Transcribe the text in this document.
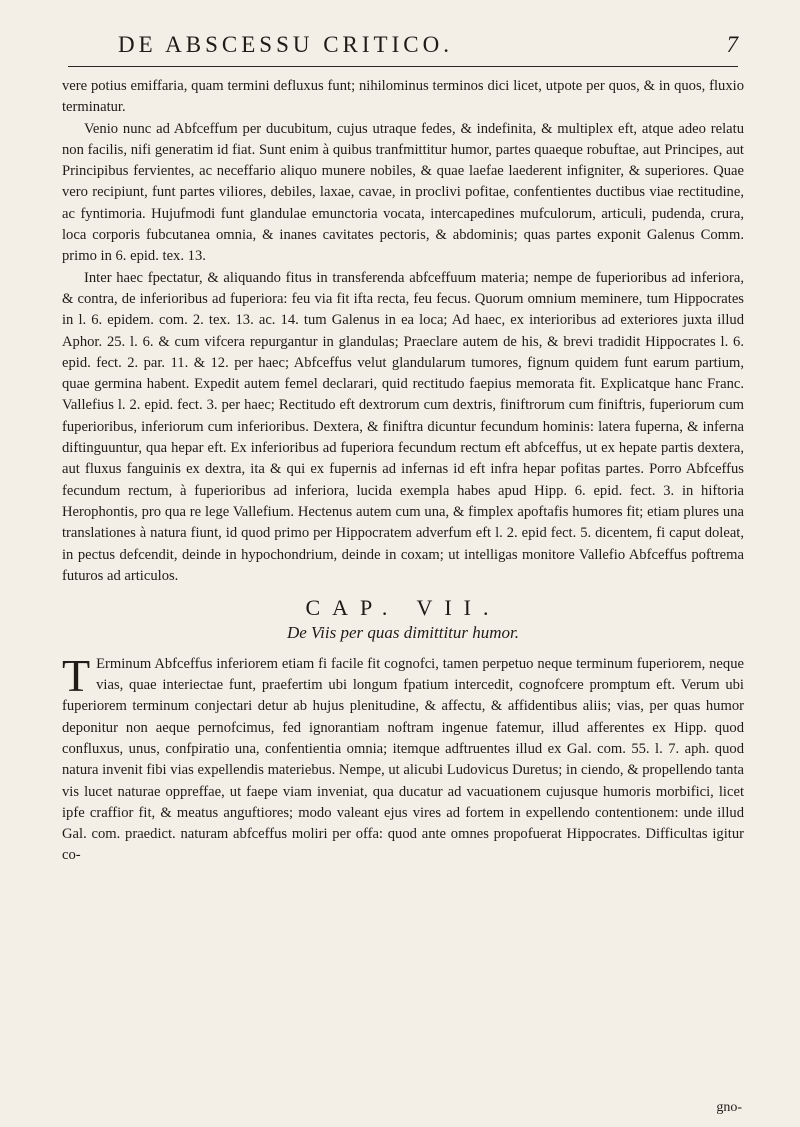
DE ABSCESSU CRITICO.	7

vere potius emiffaria, quam termini defluxus funt; nihilominus terminos dici licet, utpote per quos, & in quos, fluxio terminatur.

Venio nunc ad Abfceffum per ducubitum, cujus utraque fedes, & indefinita, & multiplex eft, atque adeo relatu non facilis, nifi generatim id fiat. Sunt enim à quibus tranfmittitur humor, partes quaeque robuftae, aut Principes, aut Principibus fervientes, ac neceffario aliquo munere nobiles, & quae laefae laederent infigniter, & superiores. Quae vero recipiunt, funt partes viliores, debiles, laxae, cavae, in proclivi pofitae, confentientes ductibus viae rectitudine, ac fyntimoria. Hujufmodi funt glandulae emunctoria vocata, intercapedines mufculorum, articuli, pudenda, crura, loca corporis fubcutanea omnia, & inanes cavitates pectoris, & abdominis; quas partes exponit Galenus Comm. primo in 6. epid. tex. 13.

Inter haec fpectatur, & aliquando fitus in transferenda abfceffuum materia; nempe de fuperioribus ad inferiora, & contra, de inferioribus ad fuperiora: feu via fit ifta recta, feu fecus. Quorum omnium meminere, tum Hippocrates in l. 6. epidem. com. 2. tex. 13. ac. 14. tum Galenus in ea loca; Ad haec, ex interioribus ad exteriores juxta illud Aphor. 25. l. 6. & cum vifcera repurgantur in glandulas; Praeclare autem de his, & brevi tradidit Hippocrates l. 6. epid. fect. 2. par. 11. & 12. per haec; Abfceffus velut glandularum tumores, fignum quidem funt earum partium, quae germina habent. Expedit autem femel declarari, quid rectitudo faepius memorata fit. Explicatque hanc Franc. Vallefius l. 2. epid. fect. 3. per haec; Rectitudo eft dextrorum cum dextris, finiftrorum cum finiftris, fuperiorum cum fuperioribus, inferiorum cum inferioribus. Dextera, & finiftra dicuntur fecundum hominis: latera fuperna, & inferna diftinguuntur, qua hepar eft. Ex inferioribus ad fuperiora fecundum rectum eft abfceffus, ut ex hepate partis dextera, aut fluxus fanguinis ex dextra, ita & qui ex fupernis ad infernas id eft infra hepar pofitas partes. Porro Abfceffus fecundum rectum, à fuperioribus ad inferiora, lucida exempla habes apud Hipp. 6. epid. fect. 3. in hiftoria Herophontis, pro qua re lege Vallefium. Hectenus autem cum una, & fimplex apoftafis humores fit; etiam plures una translationes à natura fiunt, id quod primo per Hippocratem adverfum eft l. 2. epid fect. 5. dicentem, fi caput doleat, in pectus defcendit, deinde in hypochondrium, deinde in coxam; ut intelligas monitore Vallefio Abfceffus poftrema futuros ad articulos.

CAP. VII.
De Viis per quas dimittitur humor.

T Erminum Abfceffus inferiorem etiam fi facile fit cognofci, tamen perpetuo neque terminum fuperiorem, neque vias, quae interiectae funt, praefertim ubi longum fpatium intercedit, cognofcere promptum eft. Verum ubi fuperiorem terminum conjectari detur ab hujus plenitudine, & affectu, & affidentibus aliis; vias, per quas humor deponitur non aeque pernofcimus, fed ignorantiam noftram ingenue fatemur, illud afferentes ex Hipp. quod confluxus, unus, confpiratio una, confentientia omnia; itemque adftruentes illud ex Gal. com. 55. l. 7. aph. quod natura invenit fibi vias expellendis materiebus. Nempe, ut alicubi Ludovicus Duretus; in ciendo, & propellendo tanta vis lucet naturae oppreffae, ut faepe viam inveniat, qua ducatur ad vacuationem cujusque humoris morbifici, licet ipfe craffior fit, & meatus anguftiores; modo valeant ejus vires ad fortem in expellendo contentionem: unde illud Gal. com. praedict. naturam abfceffus moliri per offa: quod ante omnes propofuerat Hippocrates. Difficultas igitur co-

gno-
